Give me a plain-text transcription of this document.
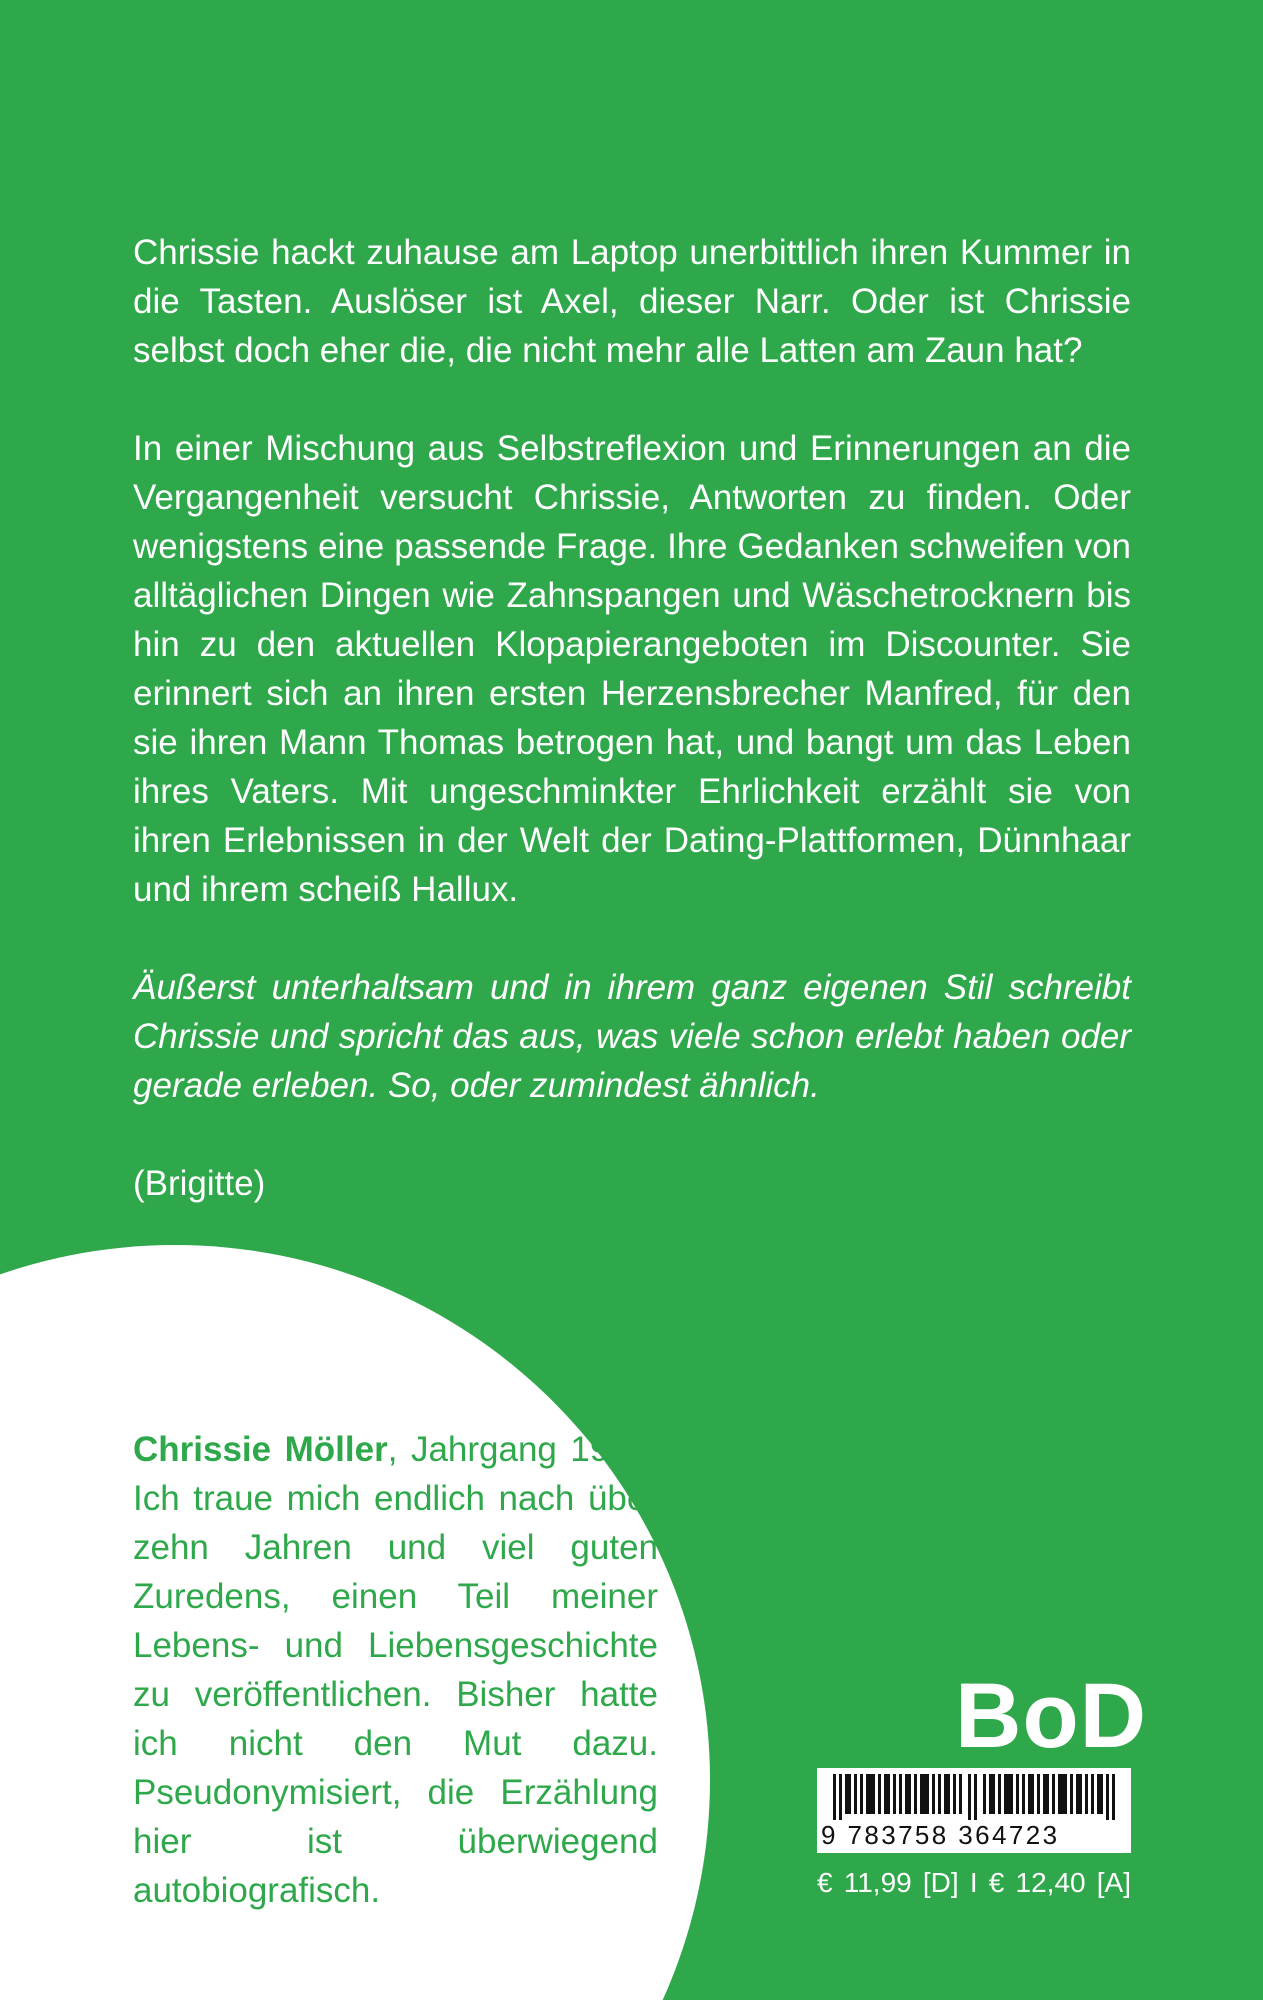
Chrissie hackt zuhause am Laptop unerbittlich ihren Kummer in die Tasten. Auslöser ist Axel, dieser Narr. Oder ist Chrissie selbst doch eher die, die nicht mehr alle Latten am Zaun hat?

In einer Mischung aus Selbstreflexion und Erinnerungen an die Vergangenheit versucht Chrissie, Antworten zu finden. Oder wenigstens eine passende Frage. Ihre Gedanken schweifen von alltäglichen Dingen wie Zahnspangen und Wäschetrocknern bis hin zu den aktuellen Klopapierangeboten im Discounter. Sie erinnert sich an ihren ersten Herzensbrecher Manfred, für den sie ihren Mann Thomas betrogen hat, und bangt um das Leben ihres Vaters. Mit ungeschminkter Ehrlichkeit erzählt sie von ihren Erlebnissen in der Welt der Dating-Plattformen, Dünnhaar und ihrem scheiß Hallux.

Äußerst unterhaltsam und in ihrem ganz eigenen Stil schreibt Chrissie und spricht das aus, was viele schon erlebt haben oder gerade erleben. So, oder zumindest ähnlich.

(Brigitte)

Chrissie Möller, Jahrgang 1968. Ich traue mich endlich nach über zehn Jahren und viel guten Zuredens, einen Teil meiner Lebens- und Liebensgeschichte zu veröffentlichen. Bisher hatte ich nicht den Mut dazu. Pseudonymisiert, die Erzählung hier ist überwiegend autobiografisch.
BoD
9 783758 364723
€ 11,99 [D] I € 12,40 [A]
